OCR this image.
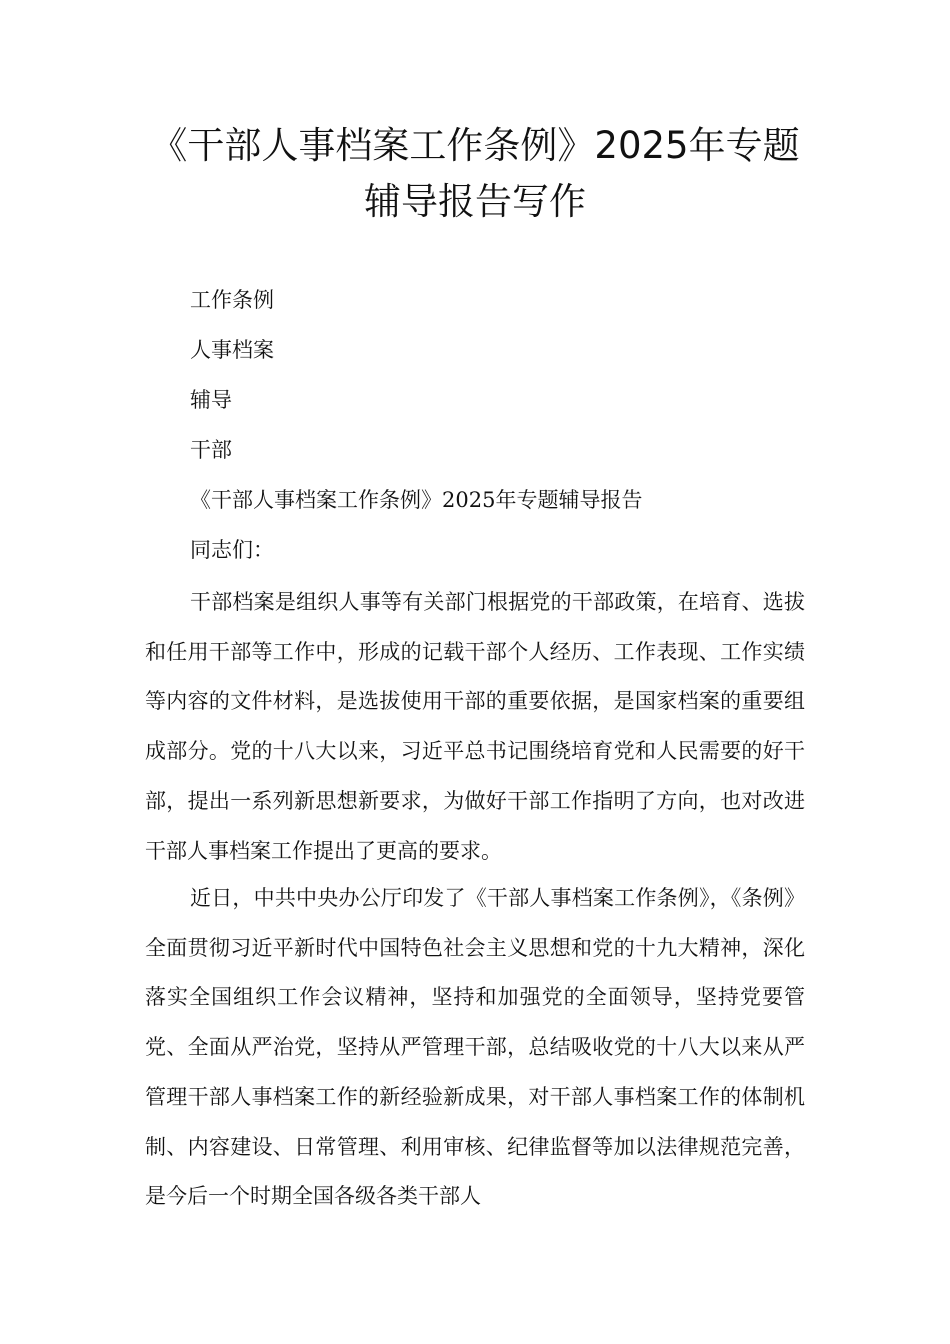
《干部人事档案工作条例》2025年专题
辅导报告写作
工作条例
人事档案
辅导
干部
《干部人事档案工作条例》2025年专题辅导报告
同志们：

干部档案是组织人事等有关部门根据党的干部政策，在培育、选拔和任用干部等工作中，形成的记载干部个人经历、工作表现、工作实绩等内容的文件材料，是选拔使用干部的重要依据，是国家档案的重要组成部分。党的十八大以来，习近平总书记围绕培育党和人民需要的好干部，提出一系列新思想新要求，为做好干部工作指明了方向，也对改进干部人事档案工作提出了更高的要求。

近日，中共中央办公厅印发了《干部人事档案工作条例》，《条例》全面贯彻习近平新时代中国特色社会主义思想和党的十九大精神，深化落实全国组织工作会议精神，坚持和加强党的全面领导，坚持党要管党、全面从严治党，坚持从严管理干部，总结吸收党的十八大以来从严管理干部人事档案工作的新经验新成果，对干部人事档案工作的体制机制、内容建设、日常管理、利用审核、纪律监督等加以法律规范完善，是今后一个时期全国各级各类干部人
